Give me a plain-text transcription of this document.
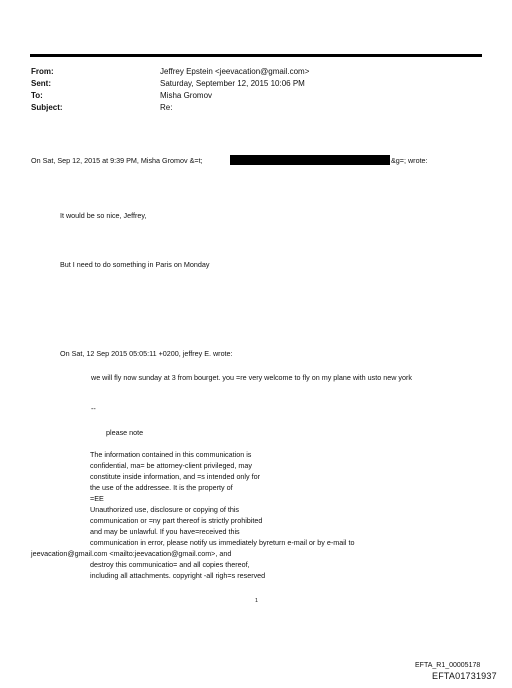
From:	Jeffrey Epstein <jeevacation@gmail.com>
Sent:	Saturday, September 12, 2015 10:06 PM
To:	Misha Gromov
Subject:	Re:
On Sat, Sep 12, 2015 at 9:39 PM, Misha Gromov &=t;	&g=; wrote:
It would be so nice, Jeffrey,
But I need to do something in Paris on Monday
On Sat, 12 Sep 2015 05:05:11 +0200, jeffrey E. wrote:
we will fly now sunday at 3 from bourget. you =re very welcome to fly on my plane with usto new york
--
please note
The information contained in this communication is
confidential, ma= be attorney-client privileged, may
constitute inside information, and =s intended only for
the use of the addressee. It is the property of
=EE
Unauthorized use, disclosure or copying of this
communication or =ny part thereof is strictly prohibited
and may be unlawful. If you have=received this
communication in error, please notify us immediately byreturn e-mail or by e-mail to
jeevacation@gmail.com <mailto:jeevacation@gmail.com>, and
destroy this communicatio= and all copies thereof,
including all attachments. copyright -all righ=s reserved
1
EFTA_R1_00005178
EFTA01731937
